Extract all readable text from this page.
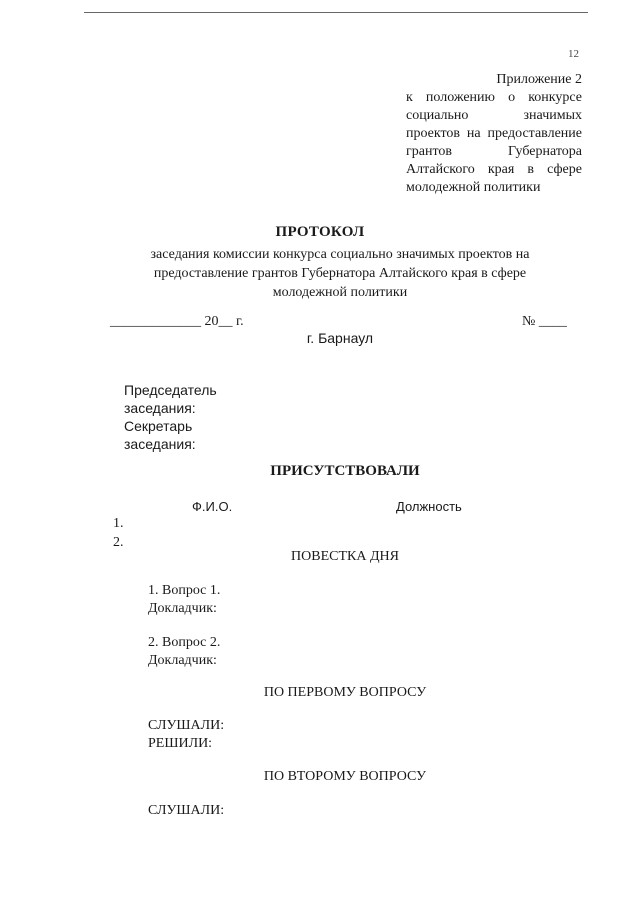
12
Приложение 2
к положению о конкурсе
социально значимых
проектов на предоставление
грантов Губернатора
Алтайского края в сфере
молодежной политики
ПРОТОКОЛ
заседания комиссии конкурса социально значимых проектов на
предоставление грантов Губернатора Алтайского края в сфере
молодежной политики
_____________ 20__ г.	№ ____
г. Барнаул
Председатель
заседания:
Секретарь
заседания:
ПРИСУТСТВОВАЛИ
Ф.И.О.	Должность
1.
2.
ПОВЕСТКА ДНЯ
1. Вопрос 1.
Докладчик:
2. Вопрос 2.
Докладчик:
ПО ПЕРВОМУ ВОПРОСУ
СЛУШАЛИ:
РЕШИЛИ:
ПО ВТОРОМУ ВОПРОСУ
СЛУШАЛИ:
